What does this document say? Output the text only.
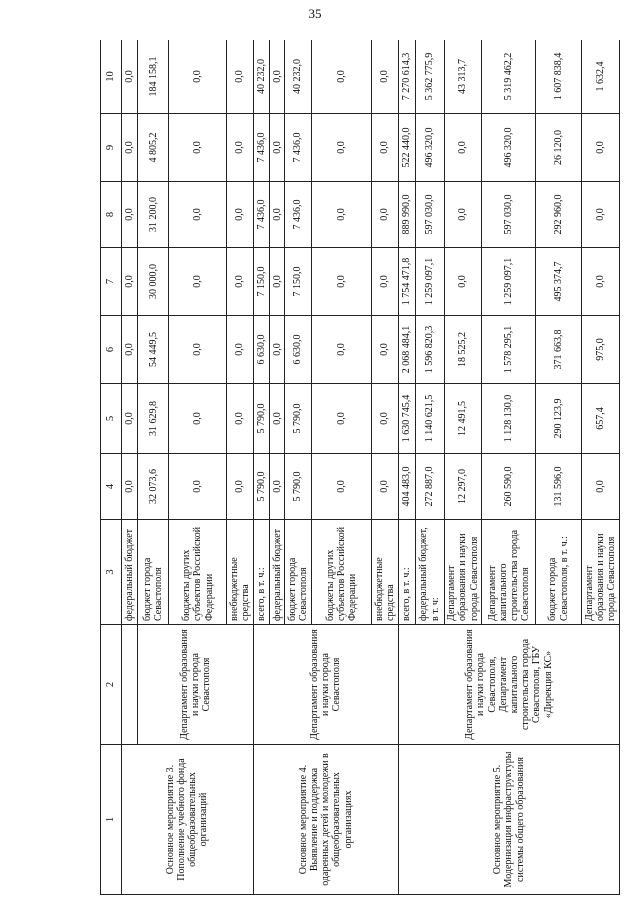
35
1	2	3	4	5	6	7	8	9	10
Основное мероприятие 3. Пополнение учебного фонда общеобразовательных организаций		федеральный бюджет	0,0	0,0	0,0	0,0	0,0	0,0	0,0
	Департамент образования и науки города Севастополя	бюджет города Севастополя	32 073,6	31 629,8	54 449,5	30 000,0	31 200,0	4 805,2	184 158,1
		бюджеты других субъектов Российской Федерации	0,0	0,0	0,0	0,0	0,0	0,0	0,0
		внебюджетные средства	0,0	0,0	0,0	0,0	0,0	0,0	0,0
Основное мероприятие 4. Выявление и поддержка одаренных детей и молодежи в общеобразовательных организациях	Департамент образования и науки города Севастополя	всего, в т. ч.:	5 790,0	5 790,0	6 630,0	7 150,0	7 436,0	7 436,0	40 232,0
		федеральный бюджет	0,0	0,0	0,0	0,0	0,0	0,0	0,0
		бюджет города Севастополя	5 790,0	5 790,0	6 630,0	7 150,0	7 436,0	7 436,0	40 232,0
		бюджеты других субъектов Российской Федерации	0,0	0,0	0,0	0,0	0,0	0,0	0,0
		внебюджетные средства	0,0	0,0	0,0	0,0	0,0	0,0	0,0
Основное мероприятие 5. Модернизация инфраструктуры системы общего образования	Департамент образования и науки города Севастополя, Департамент капитального строительства города Севастополя, ГБУ «Дирекция КС»	всего, в т. ч.:	404 483,0	1 630 745,4	2 068 484,1	1 754 471,8	889 990,0	522 440,0	7 270 614,3
		федеральный бюджет, в т. ч:	272 887,0	1 140 621,5	1 596 820,3	1 259 097,1	597 030,0	496 320,0	5 362 775,9
		Департамент образования и науки города Севастополя	12 297,0	12 491,5	18 525,2	0,0	0,0	0,0	43 313,7
		Департамент капитального строительства города Севастополя	260 590,0	1 128 130,0	1 578 295,1	1 259 097,1	597 030,0	496 320,0	5 319 462,2
		бюджет города Севастополя, в т. ч.:	131 596,0	290 123,9	371 663,8	495 374,7	292 960,0	26 120,0	1 607 838,4
		Департамент образования и науки города Севастополя	0,0	657,4	975,0	0,0	0,0	0,0	1 632,4
